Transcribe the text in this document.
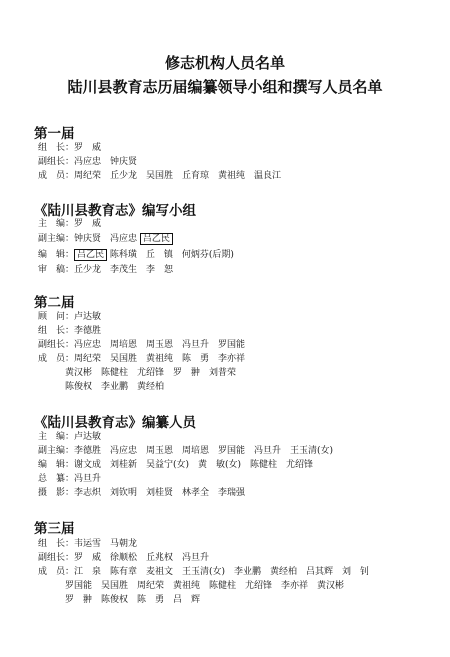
修志机构人员名单
陆川县教育志历届编纂领导小组和撰写人员名单
第一届
组　长：罗　威
副组长：冯应忠　钟庆贤
成　员：周纪荣　丘少龙　吴国胜　丘育琼　黄祖纯　温良江
《陆川县教育志》编写小组
主　编：罗　威
副主编：钟庆贤　冯应忠 吕乙民
编　辑： 吕乙民 陈科璜　丘　镇　何炳芬(后期)
审　稿：丘少龙　李茂生　李　恕
第二届
顾　问：卢达敏
组　长：李德胜
副组长：冯应忠　周培恩　周玉恩　冯旦升　罗国能
成　员：周纪荣　吴国胜　黄祖纯　陈　勇　李亦祥
黄汉彬　陈健柱　尤绍锋　罗　翀　刘普荣
陈俊权　李业鹏　黄经柏
《陆川县教育志》编纂人员
主　编：卢达敏
副主编：李德胜　冯应忠　周玉恩　周培恩　罗国能　冯旦升　王玉清(女)
编　辑：谢文成　刘桂新　吴益宁(女)　黄　敏(女)　陈健柱　尤绍锋
总　纂：冯旦升
摄　影：李志炽　刘钦明　刘桂贤　林孝全　李瑞强
第三届
组　长：韦运雪　马朝龙
副组长：罗　威　徐顺松　丘兆权　冯旦升
成　员：江　泉　陈有章　麦祖文　王玉清(女)　李业鹏　黄经柏　吕其辉　刘　钊
罗国能　吴国胜　周纪荣　黄祖纯　陈健柱　尤绍锋　李亦祥　黄汉彬
罗　翀　陈俊权　陈　勇　吕　辉
